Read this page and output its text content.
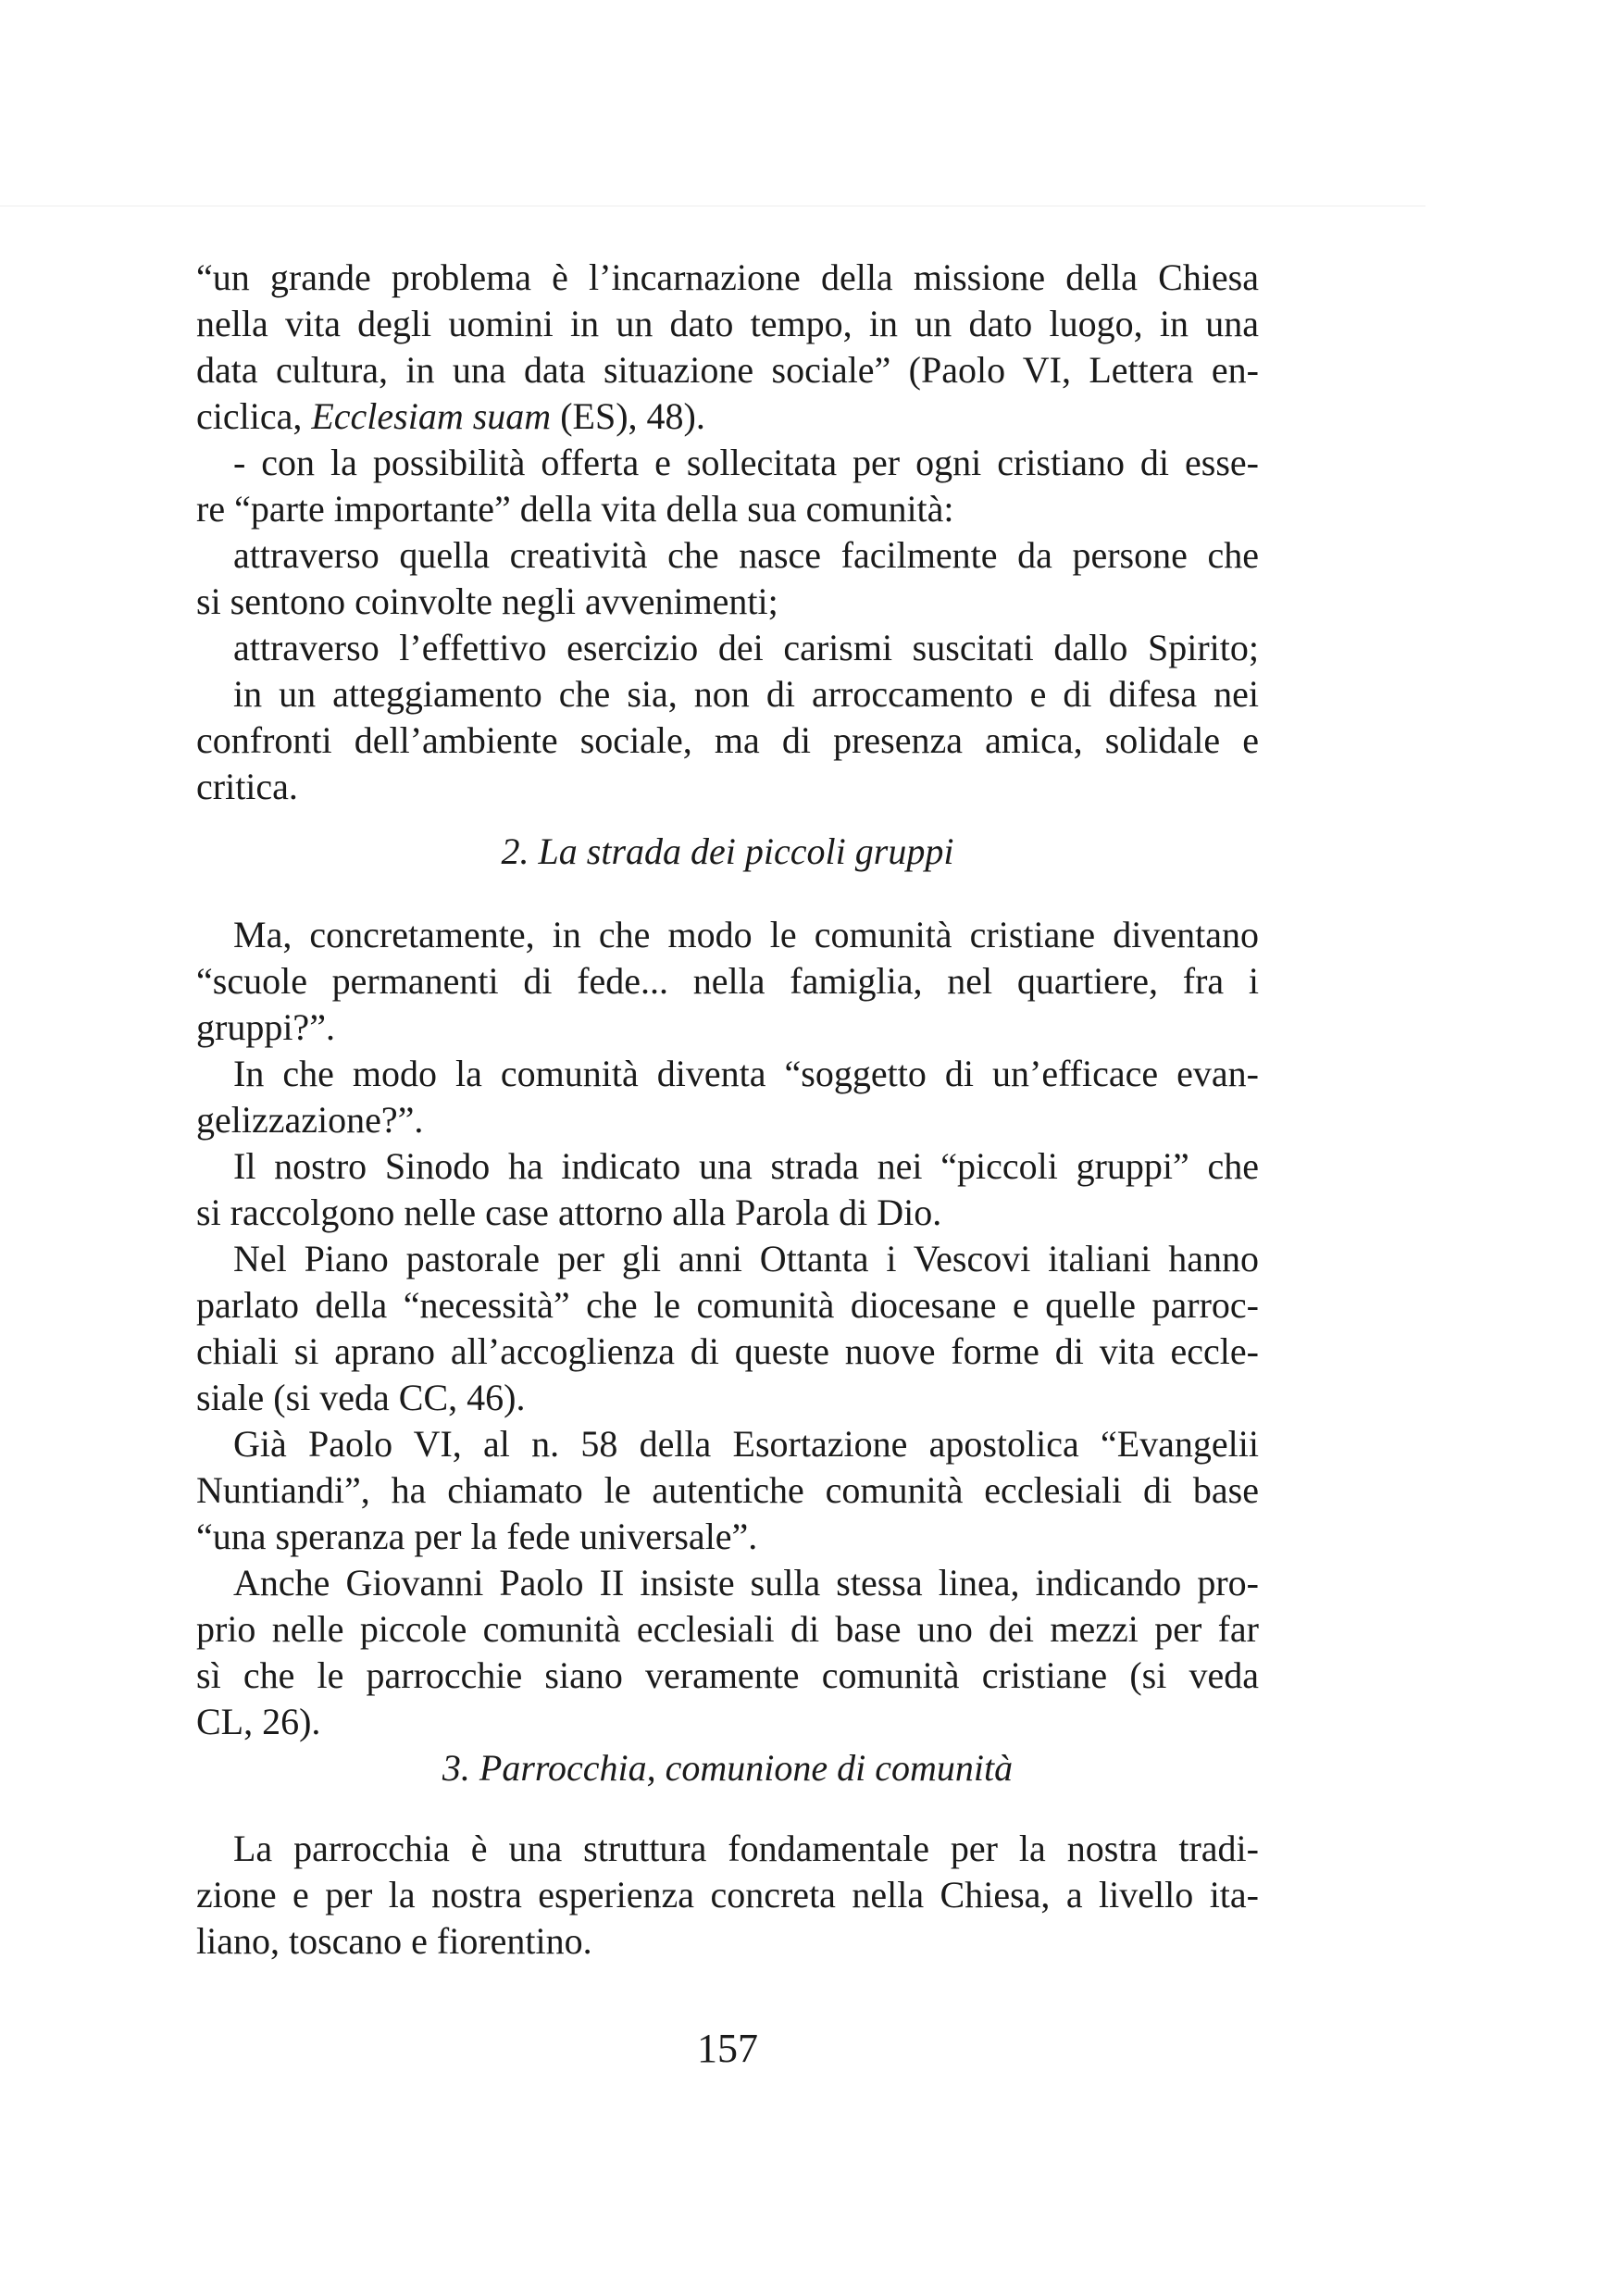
“un grande problema è l’incarnazione della missione della Chiesa
nella vita degli uomini in un dato tempo, in un dato luogo, in una
data cultura, in una data situazione sociale” (Paolo VI, Lettera en-
ciclica, Ecclesiam suam (ES), 48).
- con la possibilità offerta e sollecitata per ogni cristiano di esse-
re “parte importante” della vita della sua comunità:
attraverso quella creatività che nasce facilmente da persone che
si sentono coinvolte negli avvenimenti;
attraverso l’effettivo esercizio dei carismi suscitati dallo Spirito;
in un atteggiamento che sia, non di arroccamento e di difesa nei
confronti dell’ambiente sociale, ma di presenza amica, solidale e
critica.
2. La strada dei piccoli gruppi
Ma, concretamente, in che modo le comunità cristiane diventano
“scuole permanenti di fede... nella famiglia, nel quartiere, fra i
gruppi?”.
In che modo la comunità diventa “soggetto di un’efficace evan-
gelizzazione?”.
Il nostro Sinodo ha indicato una strada nei “piccoli gruppi” che
si raccolgono nelle case attorno alla Parola di Dio.
Nel Piano pastorale per gli anni Ottanta i Vescovi italiani hanno
parlato della “necessità” che le comunità diocesane e quelle parroc-
chiali si aprano all’accoglienza di queste nuove forme di vita eccle-
siale (si veda CC, 46).
Già Paolo VI, al n. 58 della Esortazione apostolica “Evangelii
Nuntiandi”, ha chiamato le autentiche comunità ecclesiali di base
“una speranza per la fede universale”.
Anche Giovanni Paolo II insiste sulla stessa linea, indicando pro-
prio nelle piccole comunità ecclesiali di base uno dei mezzi per far
sì che le parrocchie siano veramente comunità cristiane (si veda
CL, 26).
3. Parrocchia, comunione di comunità
La parrocchia è una struttura fondamentale per la nostra tradi-
zione e per la nostra esperienza concreta nella Chiesa, a livello ita-
liano, toscano e fiorentino.
157
